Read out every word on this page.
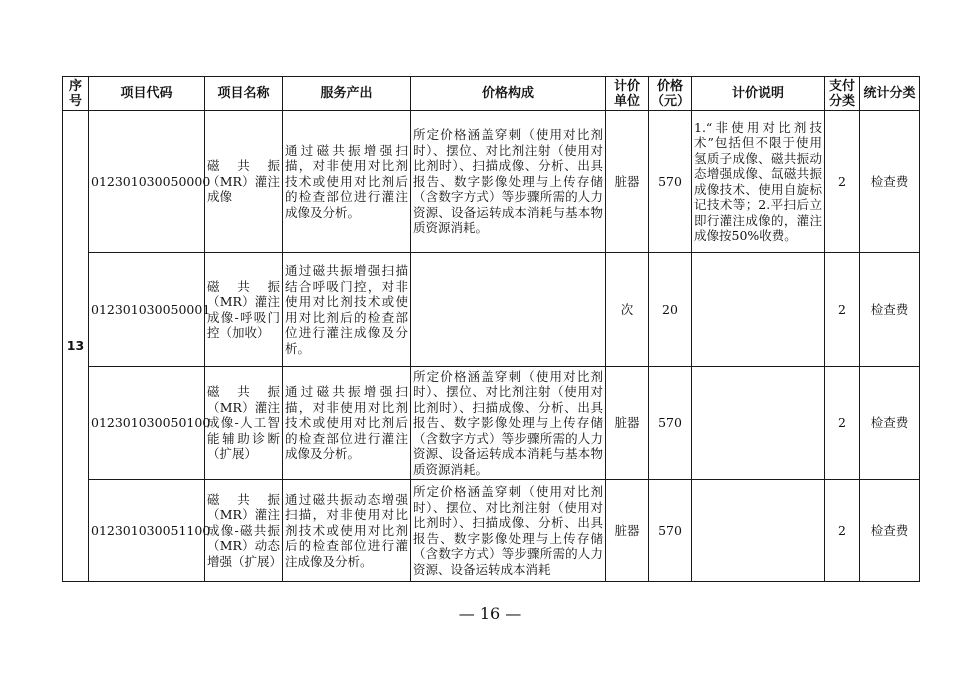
序号	项目代码	项目名称	服务产出	价格构成	计价单位	价格（元）	计价说明	支付分类	统计分类
13	012301030050000	磁共振（MR）灌注成像	通过磁共振增强扫描，对非使用对比剂技术或使用对比剂后的检查部位进行灌注成像及分析。	所定价格涵盖穿刺（使用对比剂时）、摆位、对比剂注射（使用对比剂时）、扫描成像、分析、出具报告、数字影像处理与上传存储（含数字方式）等步骤所需的人力资源、设备运转成本消耗与基本物质资源消耗。	脏器	570	1.“非使用对比剂技术”包括但不限于使用氢质子成像、磁共振动态增强成像、氙磁共振成像技术、使用自旋标记技术等；2.平扫后立即行灌注成像的，灌注成像按50%收费。	2	检查费
	012301030050001	磁共振（MR）灌注成像-呼吸门控（加收）	通过磁共振增强扫描结合呼吸门控，对非使用对比剂技术或使用对比剂后的检查部位进行灌注成像及分析。		次	20		2	检查费
	012301030050100	磁共振（MR）灌注成像-人工智能辅助诊断（扩展）	通过磁共振增强扫描，对非使用对比剂技术或使用对比剂后的检查部位进行灌注成像及分析。	所定价格涵盖穿刺（使用对比剂时）、摆位、对比剂注射（使用对比剂时）、扫描成像、分析、出具报告、数字影像处理与上传存储（含数字方式）等步骤所需的人力资源、设备运转成本消耗与基本物质资源消耗。	脏器	570		2	检查费
	012301030051100	磁共振（MR）灌注成像-磁共振（MR）动态增强（扩展）	通过磁共振动态增强扫描，对非使用对比剂技术或使用对比剂后的检查部位进行灌注成像及分析。	所定价格涵盖穿刺（使用对比剂时）、摆位、对比剂注射（使用对比剂时）、扫描成像、分析、出具报告、数字影像处理与上传存储（含数字方式）等步骤所需的人力资源、设备运转成本消耗	脏器	570		2	检查费
— 16 —
